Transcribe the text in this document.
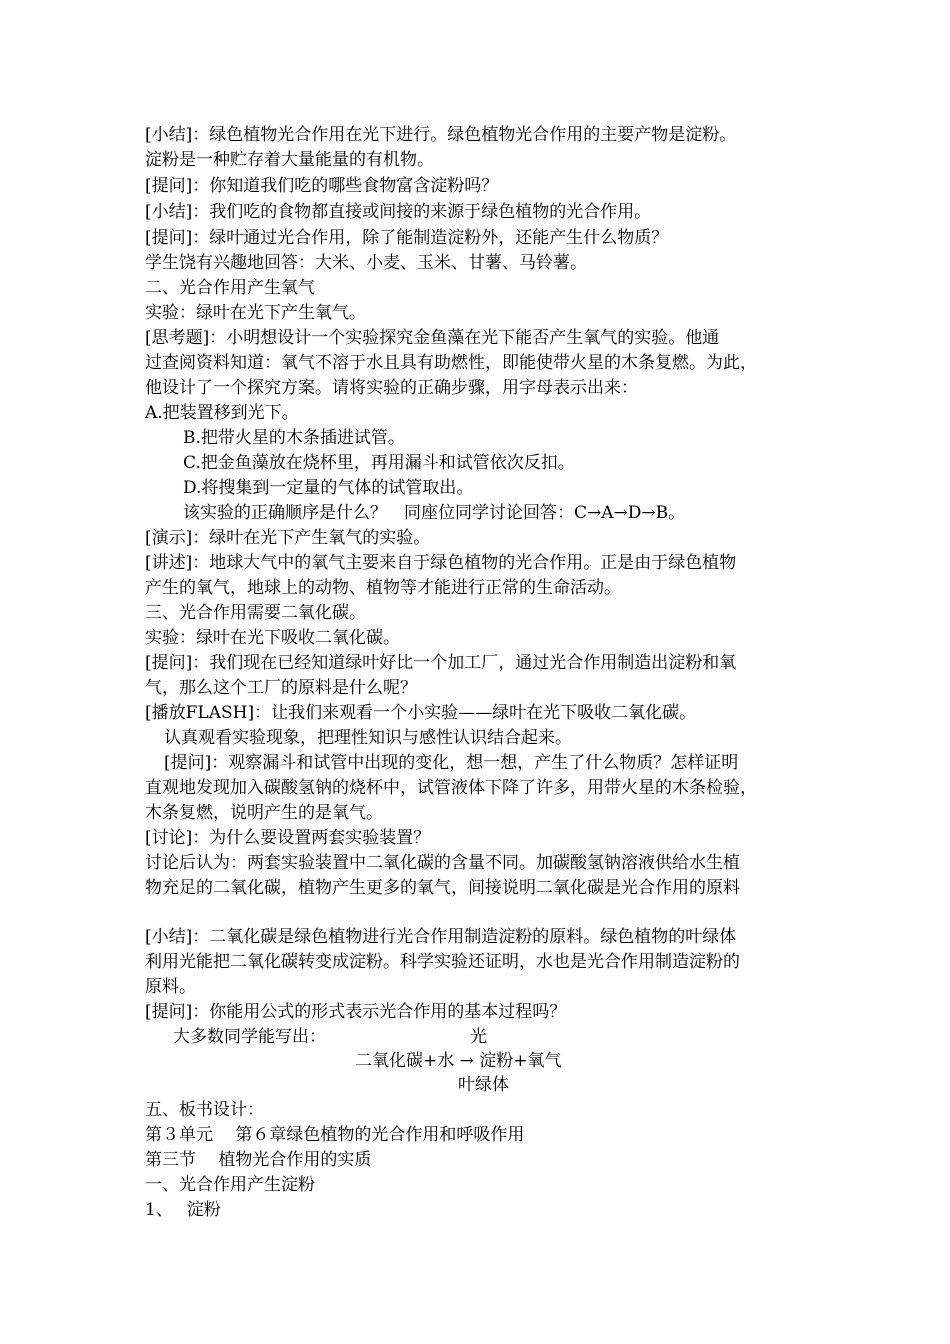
[小结]：绿色植物光合作用在光下进行。绿色植物光合作用的主要产物是淀粉。
淀粉是一种贮存着大量能量的有机物。
[提问]：你知道我们吃的哪些食物富含淀粉吗？
[小结]：我们吃的食物都直接或间接的来源于绿色植物的光合作用。
[提问]：绿叶通过光合作用，除了能制造淀粉外，还能产生什么物质？
学生饶有兴趣地回答：大米、小麦、玉米、甘薯、马铃薯。
二、光合作用产生氧气
实验：绿叶在光下产生氧气。
[思考题]：小明想设计一个实验探究金鱼藻在光下能否产生氧气的实验。他通
过查阅资料知道：氧气不溶于水且具有助燃性，即能使带火星的木条复燃。为此，
他设计了一个探究方案。请将实验的正确步骤，用字母表示出来：
A.把装置移到光下。
B.把带火星的木条插进试管。
C.把金鱼藻放在烧杯里，再用漏斗和试管依次反扣。
D.将搜集到一定量的气体的试管取出。
该实验的正确顺序是什么？　同座位同学讨论回答：C→A→D→B。
[演示]：绿叶在光下产生氧气的实验。
[讲述]：地球大气中的氧气主要来自于绿色植物的光合作用。正是由于绿色植物
产生的氧气，地球上的动物、植物等才能进行正常的生命活动。
三、光合作用需要二氧化碳。
实验：绿叶在光下吸收二氧化碳。
[提问]：我们现在已经知道绿叶好比一个加工厂，通过光合作用制造出淀粉和氧
气，那么这个工厂的原料是什么呢？
[播放FLASH]：让我们来观看一个小实验——绿叶在光下吸收二氧化碳。
认真观看实验现象，把理性知识与感性认识结合起来。
[提问]：观察漏斗和试管中出现的变化，想一想，产生了什么物质？怎样证明
直观地发现加入碳酸氢钠的烧杯中，试管液体下降了许多，用带火星的木条检验，
木条复燃，说明产生的是氧气。
[讨论]：为什么要设置两套实验装置？
讨论后认为：两套实验装置中二氧化碳的含量不同。加碳酸氢钠溶液供给水生植
物充足的二氧化碳，植物产生更多的氧气，间接说明二氧化碳是光合作用的原料
[小结]：二氧化碳是绿色植物进行光合作用制造淀粉的原料。绿色植物的叶绿体
利用光能把二氧化碳转变成淀粉。科学实验还证明，水也是光合作用制造淀粉的
原料。
[提问]：你能用公式的形式表示光合作用的基本过程吗？
大多数同学能写出：	光
二氧化碳+水 → 淀粉+氧气
叶绿体
五、板书设计：
第３单元　 第６章绿色植物的光合作用和呼吸作用
第三节　 植物光合作用的实质
一、光合作用产生淀粉
1、　 淀粉
